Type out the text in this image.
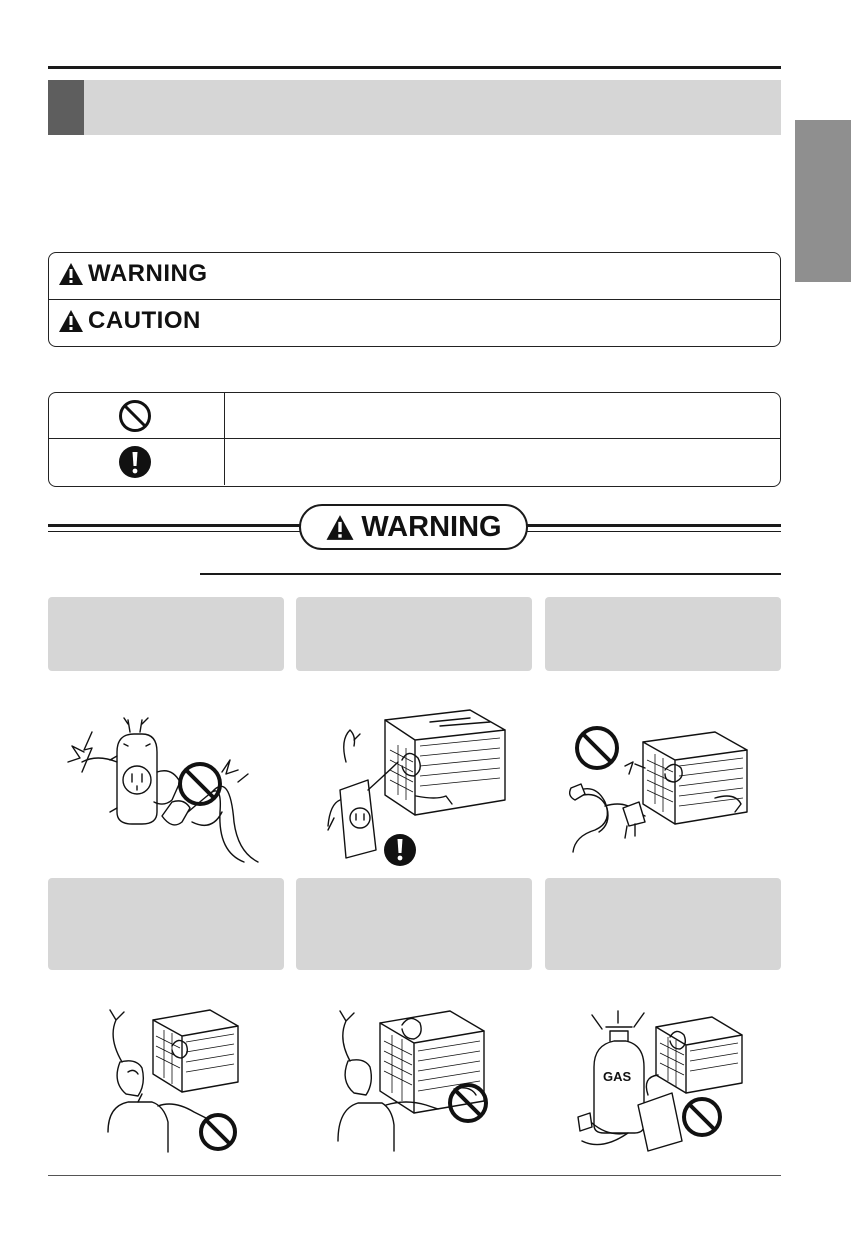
WARNING
CAUTION
WARNING
GAS
